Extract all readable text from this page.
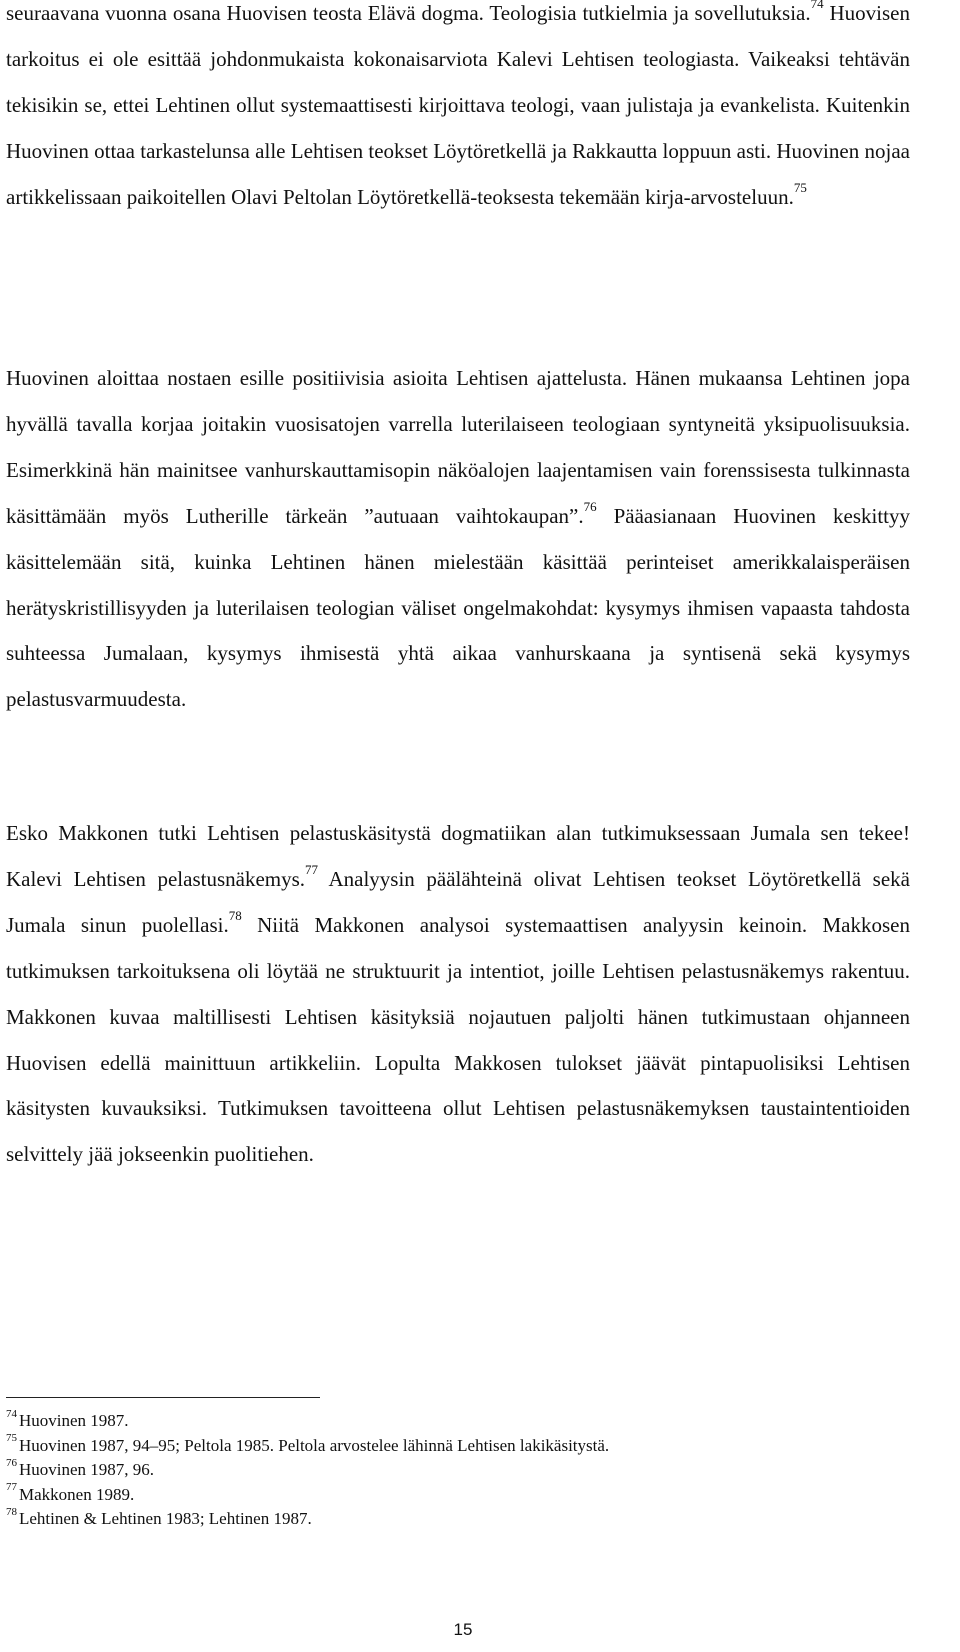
seuraavana vuonna osana Huovisen teosta Elävä dogma. Teologisia tutkielmia ja sovellutuksia.$^{74}$ Huovisen tarkoitus ei ole esittää johdonmukaista kokonaisarviota Kalevi Lehtisen teologiasta. Vaikeaksi tehtävän tekisikin se, ettei Lehtinen ollut systemaattisesti kirjoittava teologi, vaan julistaja ja evankelista. Kuitenkin Huovinen ottaa tarkastelunsa alle Lehtisen teokset Löytöretkellä ja Rakkautta loppuun asti. Huovinen nojaa artikkelissaan paikoitellen Olavi Peltolan Löytöretkellä-teoksesta tekemään kirja-arvosteluun.$^{75}$

Huovinen aloittaa nostaen esille positiivisia asioita Lehtisen ajattelusta. Hänen mukaansa Lehtinen jopa hyvällä tavalla korjaa joitakin vuosisatojen varrella luterilaiseen teologiaan syntyneitä yksipuolisuuksia. Esimerkkinä hän mainitsee vanhurskauttamisopin näköalojen laajentamisen vain forenssisesta tulkinnasta käsittämään myös Lutherille tärkeän ”autuaan vaihtokaupan”.$^{76}$ Pääasianaan Huovinen keskittyy käsittelemään sitä, kuinka Lehtinen hänen mielestään käsittää perinteiset amerikkalaisperäisen herätyskristillisyyden ja luterilaisen teologian väliset ongelmakohdat: kysymys ihmisen vapaasta tahdosta suhteessa Jumalaan, kysymys ihmisestä yhtä aikaa vanhurskaana ja syntisenä sekä kysymys pelastusvarmuudesta.

Esko Makkonen tutki Lehtisen pelastuskäsitystä dogmatiikan alan tutkimuksessaan Jumala sen tekee! Kalevi Lehtisen pelastusnäkemys.$^{77}$ Analyysin päälähteinä olivat Lehtisen teokset Löytöretkellä sekä Jumala sinun puolellasi.$^{78}$ Niitä Makkonen analysoi systemaattisen analyysin keinoin. Makkosen tutkimuksen tarkoituksena oli löytää ne struktuurit ja intentiot, joille Lehtisen pelastusnäkemys rakentuu. Makkonen kuvaa maltillisesti Lehtisen käsityksiä nojautuen paljolti hänen tutkimustaan ohjanneen Huovisen edellä mainittuun artikkeliin. Lopulta Makkosen tulokset jäävät pintapuolisiksi Lehtisen käsitysten kuvauksiksi. Tutkimuksen tavoitteena ollut Lehtisen pelastusnäkemyksen taustaintentioiden selvittely jää jokseenkin puolitiehen.

$^{74}$ Huovinen 1987.
$^{75}$ Huovinen 1987, 94–95; Peltola 1985. Peltola arvostelee lähinnä Lehtisen lakikäsitystä.
$^{76}$ Huovinen 1987, 96.
$^{77}$ Makkonen 1989.
$^{78}$ Lehtinen & Lehtinen 1983; Lehtinen 1987.
15
